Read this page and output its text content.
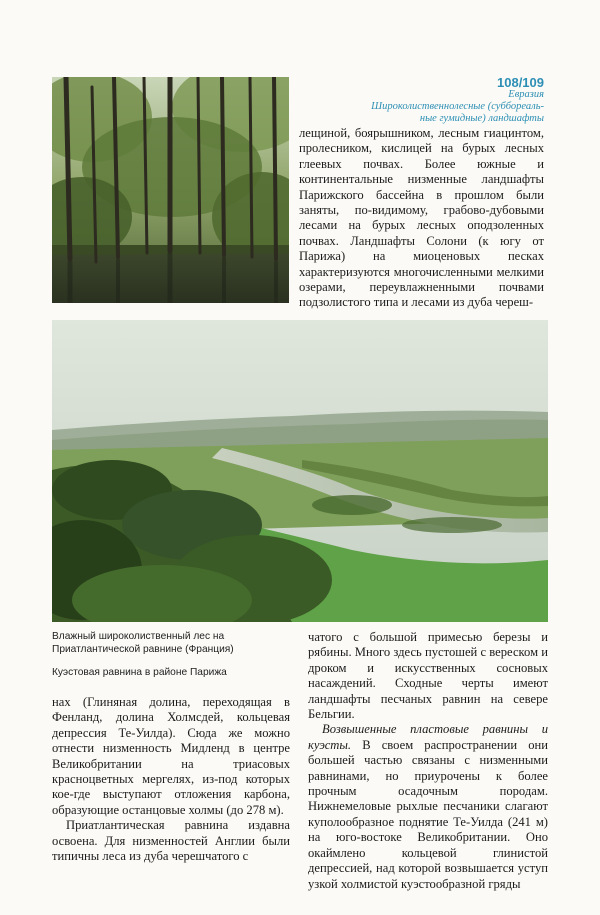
108/109
Евразия
Широколиственнолесные (суббореаль-
ные гумидные) ландшафты

лещиной, боярышником, лесным гиацинтом, пролесником, кислицей на бурых лесных глеевых почвах. Более южные и континентальные низменные ландшафты Парижского бассейна в прошлом были заняты, по-видимому, грабово-дубовыми лесами на бурых лесных оподзоленных почвах. Ландшафты Солони (к югу от Парижа) на миоценовых песках характеризуются многочисленными мелкими озерами, переувлажненными почвами подзолистого типа и лесами из дуба череш-

Влажный широколиственный лес на Приатлантической равнине (Франция)
Куэстовая равнина в районе Парижа

нах (Глиняная долина, переходящая в Фенланд, долина Холмсдей, кольцевая депрессия Те-Уилда). Сюда же можно отнести низменность Мидленд в центре Великобритании на триасовых красноцветных мергелях, из-под которых кое-где выступают отложения карбона, образующие останцовые холмы (до 278 м).

Приатлантическая равнина издавна освоена. Для низменностей Англии были типичны леса из дуба черешчатого с

чатого с большой примесью березы и рябины. Много здесь пустошей с вереском и дроком и искусственных сосновых насаждений. Сходные черты имеют ландшафты песчаных равнин на севере Бельгии.

Возвышенные пластовые равнины и куэсты. В своем распространении они большей частью связаны с низменными равнинами, но приурочены к более прочным осадочным породам. Нижнемеловые рыхлые песчаники слагают куполообразное поднятие Те-Уилда (241 м) на юго-востоке Великобритании. Оно окаймлено кольцевой глинистой депрессией, над которой возвышается уступ узкой холмистой куэстообразной гряды
